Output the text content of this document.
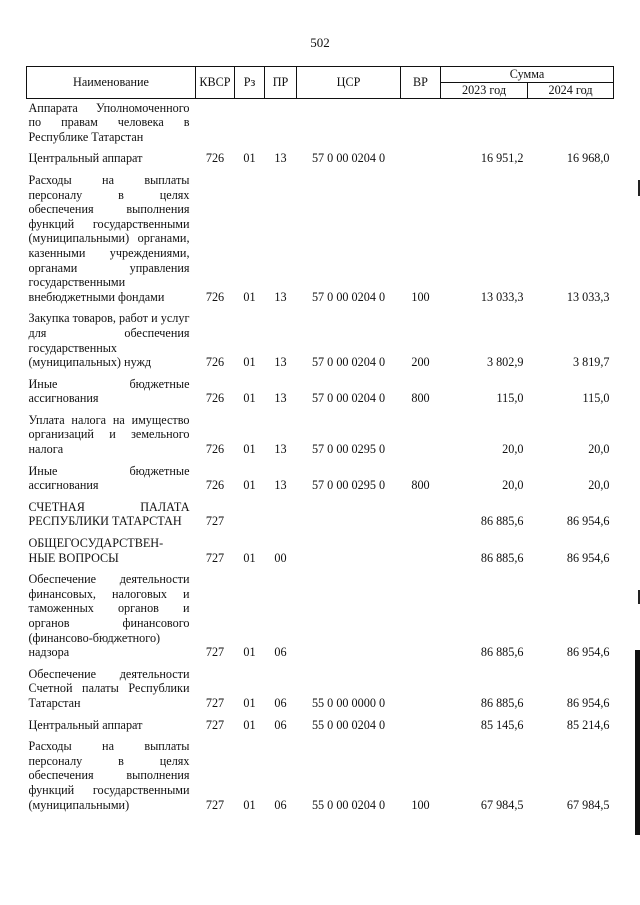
502
Наименование	КВСР	Рз	ПР	ЦСР	ВР	Сумма	
						2023 год	2024 год
Аппарата Уполномоченного по правам человека в Республике Татарстан							
Центральный аппарат	726	01	13	57 0 00 0204 0		16 951,2	16 968,0
Расходы на выплаты персоналу в целях обеспечения выполнения функций государственными (муниципальными) органами, казенными учреждениями, органами управления государственными внебюджетными фондами	726	01	13	57 0 00 0204 0	100	13 033,3	13 033,3
Закупка товаров, работ и услуг для обеспечения государственных (муниципальных) нужд	726	01	13	57 0 00 0204 0	200	3 802,9	3 819,7
Иные бюджетные ассигнования	726	01	13	57 0 00 0204 0	800	115,0	115,0
Уплата налога на имущество организаций и земельного налога	726	01	13	57 0 00 0295 0		20,0	20,0
Иные бюджетные ассигнования	726	01	13	57 0 00 0295 0	800	20,0	20,0
СЧЕТНАЯ ПАЛАТА РЕСПУБЛИКИ ТАТАРСТАН	727					86 885,6	86 954,6
ОБЩЕГОСУДАРСТВЕН-НЫЕ ВОПРОСЫ	727	01	00			86 885,6	86 954,6
Обеспечение деятельности финансовых, налоговых и таможенных органов и органов финансового (финансово-бюджетного) надзора	727	01	06			86 885,6	86 954,6
Обеспечение деятельности Счетной палаты Республики Татарстан	727	01	06	55 0 00 0000 0		86 885,6	86 954,6
Центральный аппарат	727	01	06	55 0 00 0204 0		85 145,6	85 214,6
Расходы на выплаты персоналу в целях обеспечения выполнения функций государственными (муниципальными)	727	01	06	55 0 00 0204 0	100	67 984,5	67 984,5
